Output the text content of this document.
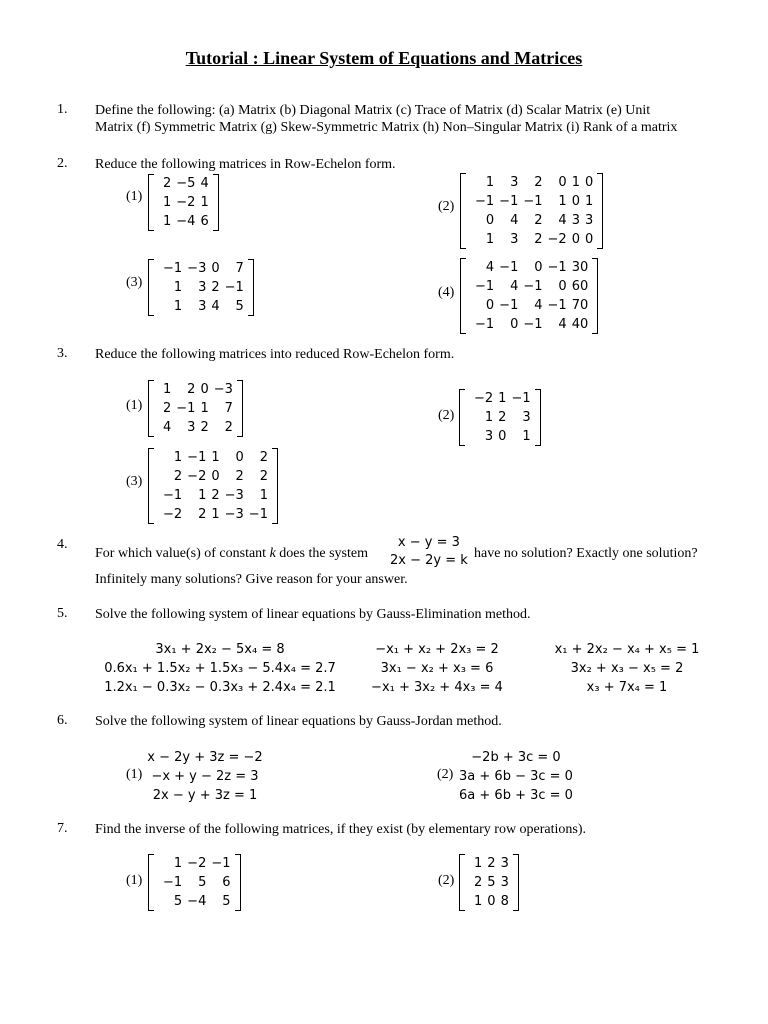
Tutorial : Linear System of Equations and Matrices
1. Define the following: (a) Matrix (b) Diagonal Matrix (c) Trace of Matrix (d) Scalar Matrix (e) Unit
Matrix (f) Symmetric Matrix (g) Skew-Symmetric Matrix (h) Non–Singular Matrix (i) Rank of a matrix
2. Reduce the following matrices in Row-Echelon form.
(1)
2 −5 4
1 −2 1
1 −4 6
(2)
1	3	2	0 1 0
−1 −1 −1	1 0 1
0	4	2	4 3 3
1	3	2 −2 0 0
(3)
−1 −3 0	7
1	3 2 −1
1	3 4	5
(4)
4 −1	0 −1 30
−1	4 −1	0 60
0 −1	4 −1 70
−1	0 −1	4 40
3. Reduce the following matrices into reduced Row-Echelon form.
(1)
1	2 0 −3
2 −1 1	7
4	3 2	2
(2)
−2 1 −1
1 2	3
3 0	1
(3)
1 −1 1	0	2
2 −2 0	2	2
−1	1 2 −3	1
−2	2 1 −3 −1
4.
For which value(s) of constant k does the system
x − y = 3
2x − 2y = k have no solution? Exactly one solution?
Infinitely many solutions? Give reason for your answer.
5. Solve the following system of linear equations by Gauss-Elimination method.
3x₁ + 2x₂ − 5x₄ = 8
0.6x₁ + 1.5x₂ + 1.5x₃ − 5.4x₄ = 2.7
1.2x₁ − 0.3x₂ − 0.3x₃ + 2.4x₄ = 2.1
−x₁ + x₂ + 2x₃ = 2
3x₁ − x₂ + x₃ = 6
−x₁ + 3x₂ + 4x₃ = 4
x₁ + 2x₂ − x₄ + x₅ = 1
3x₂ + x₃ − x₅ = 2
x₃ + 7x₄ = 1
6. Solve the following system of linear equations by Gauss-Jordan method.
(1)
x − 2y + 3z = −2
−x + y − 2z = 3
2x − y + 3z = 1
(2)
−2b + 3c = 0
3a + 6b − 3c = 0
6a + 6b + 3c = 0
7. Find the inverse of the following matrices, if they exist (by elementary row operations).
(1)
1 −2 −1
−1	5	6
5 −4	5
(2)
1 2 3
2 5 3
1 0 8
